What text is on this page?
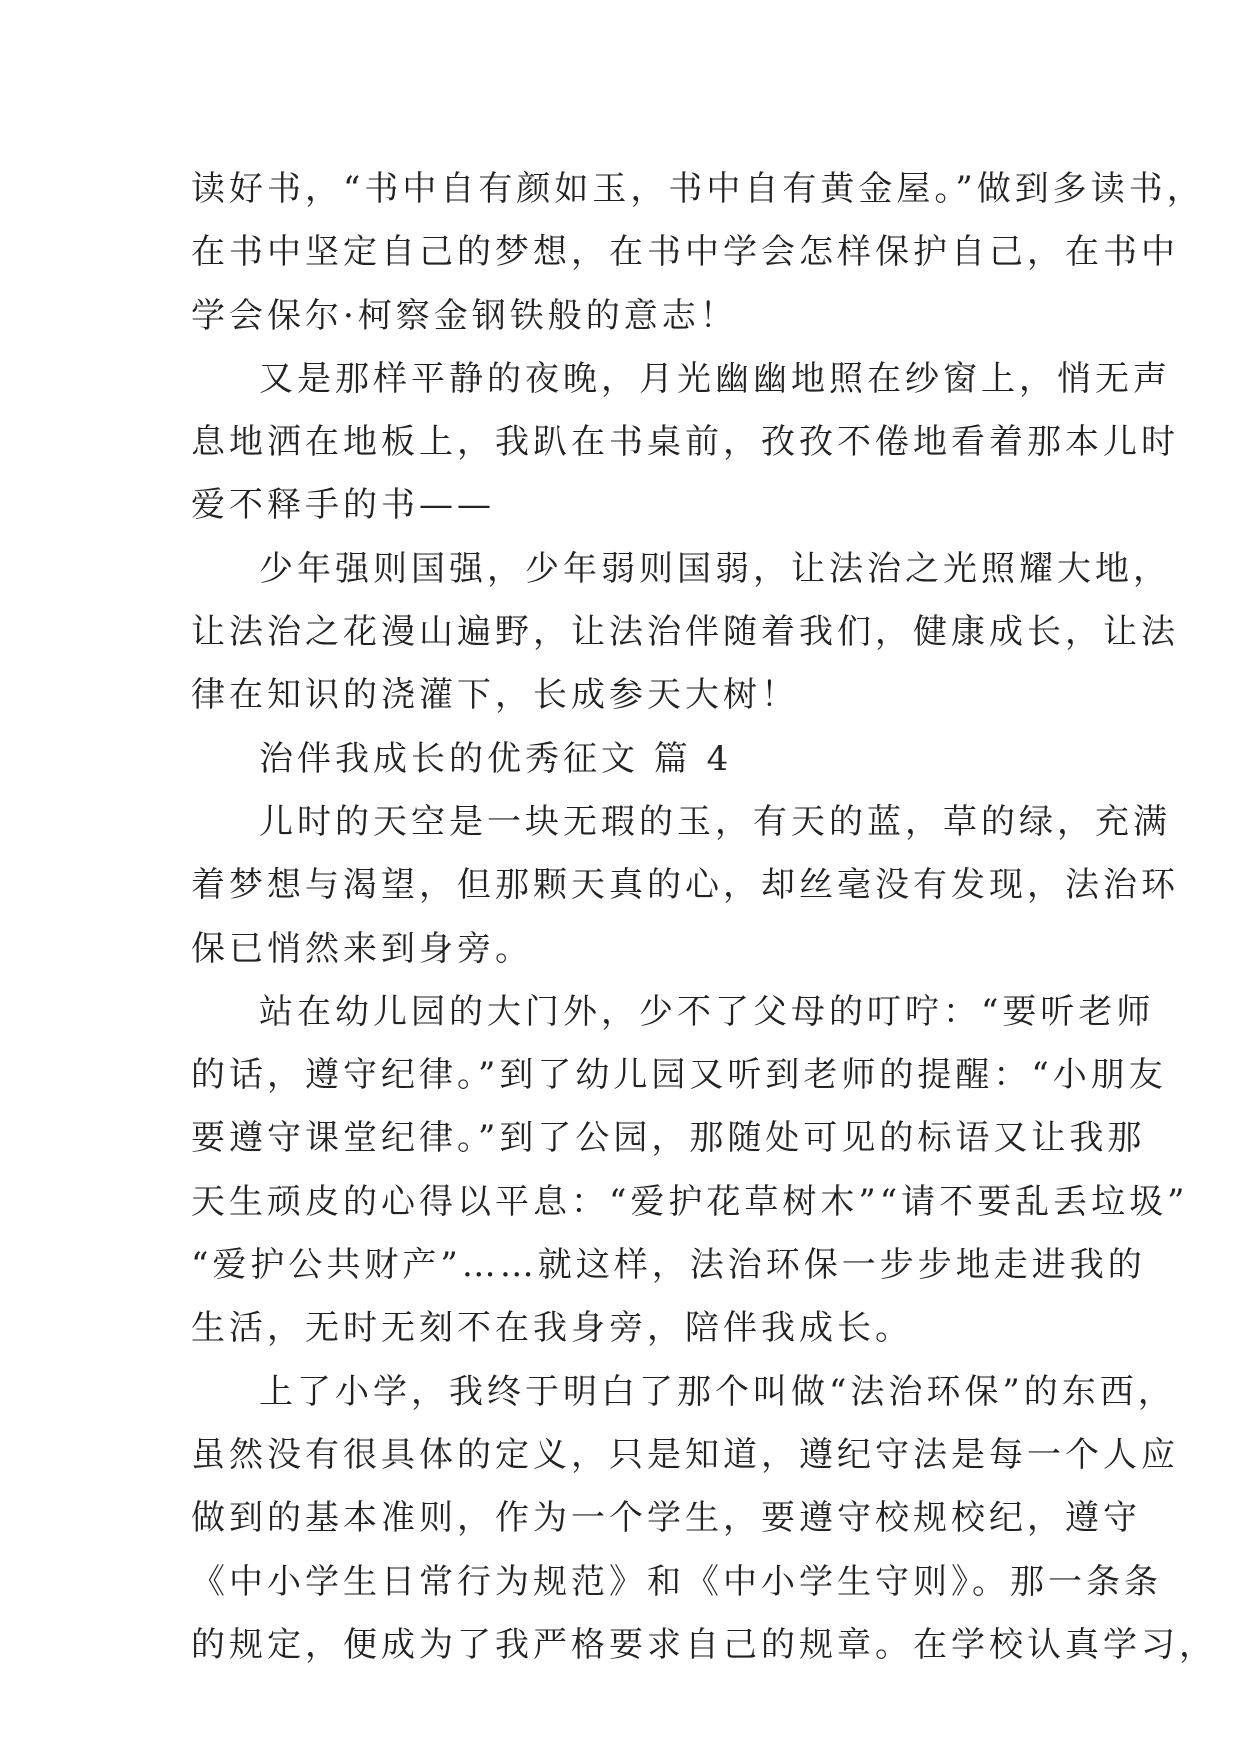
读好书，“书中自有颜如玉，书中自有黄金屋。”做到多读书，
在书中坚定自己的梦想，在书中学会怎样保护自己，在书中
学会保尔·柯察金钢铁般的意志！
又是那样平静的夜晚，月光幽幽地照在纱窗上，悄无声
息地洒在地板上，我趴在书桌前，孜孜不倦地看着那本儿时
爱不释手的书——
少年强则国强，少年弱则国弱，让法治之光照耀大地，
让法治之花漫山遍野，让法治伴随着我们，健康成长，让法
律在知识的浇灌下，长成参天大树！
治伴我成长的优秀征文 篇 4
儿时的天空是一块无瑕的玉，有天的蓝，草的绿，充满
着梦想与渴望，但那颗天真的心，却丝毫没有发现，法治环
保已悄然来到身旁。
站在幼儿园的大门外，少不了父母的叮咛：“要听老师
的话，遵守纪律。”到了幼儿园又听到老师的提醒：“小朋友
要遵守课堂纪律。”到了公园，那随处可见的标语又让我那
天生顽皮的心得以平息：“爱护花草树木”“请不要乱丢垃圾”
“爱护公共财产”……就这样，法治环保一步步地走进我的
生活，无时无刻不在我身旁，陪伴我成长。
上了小学，我终于明白了那个叫做“法治环保”的东西，
虽然没有很具体的定义，只是知道，遵纪守法是每一个人应
做到的基本准则，作为一个学生，要遵守校规校纪，遵守
《中小学生日常行为规范》和《中小学生守则》。那一条条
的规定，便成为了我严格要求自己的规章。在学校认真学习，
